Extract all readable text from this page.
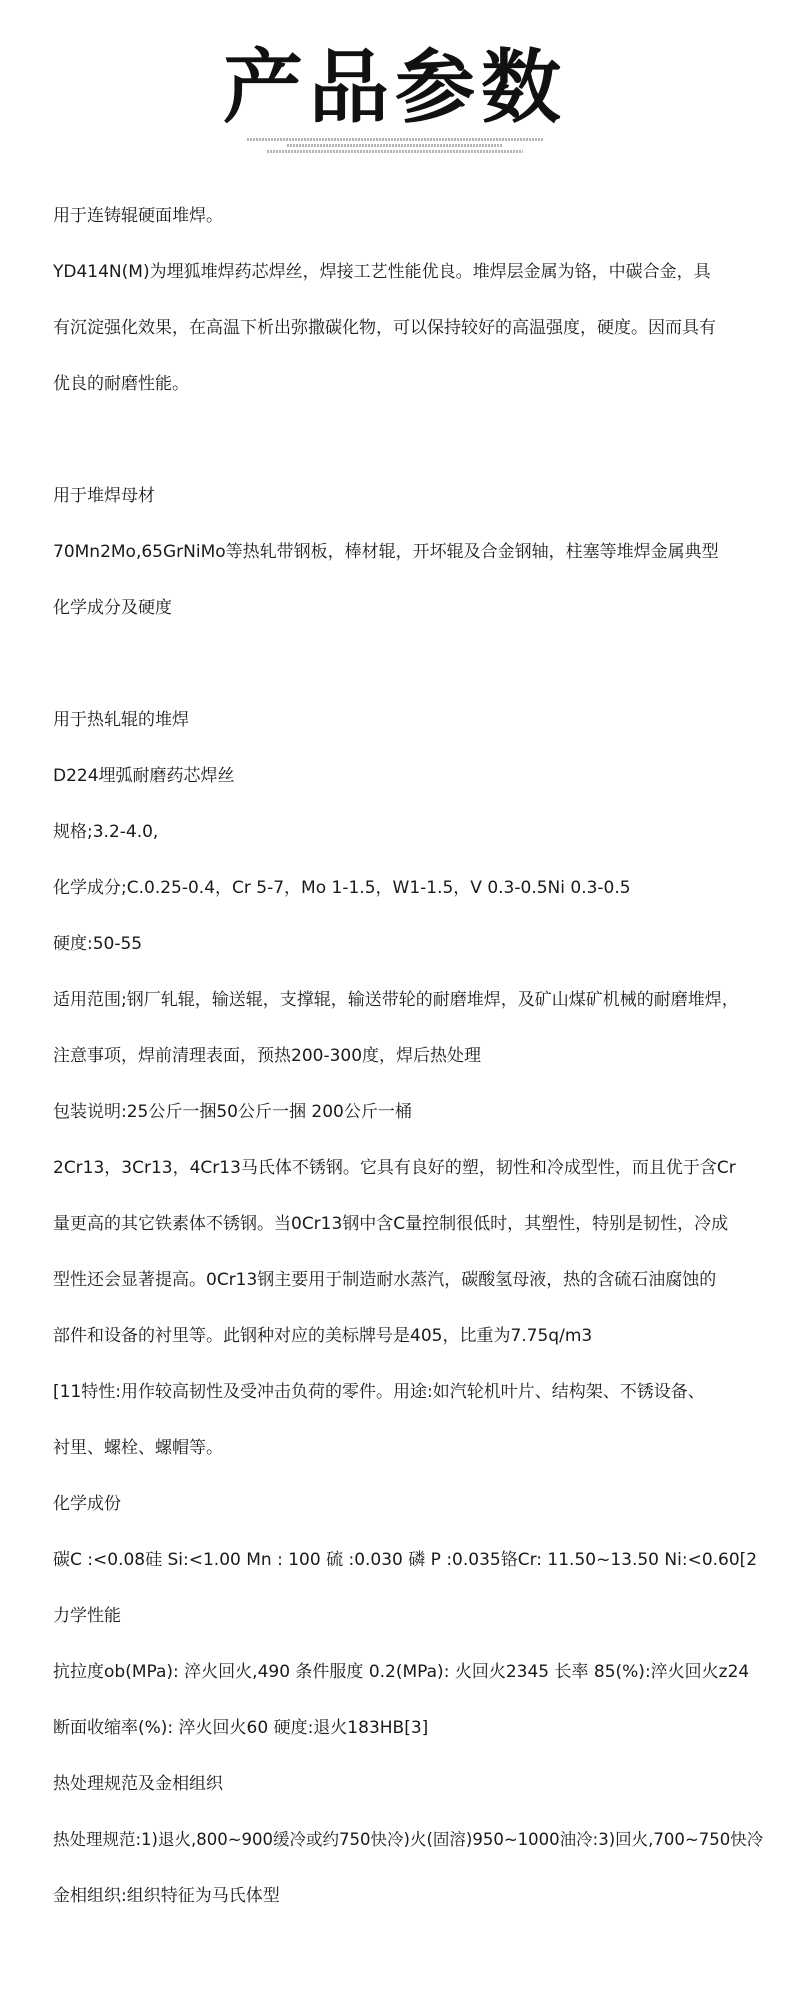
产品参数

用于连铸辊硬面堆焊。

YD414N(M)为埋狐堆焊药芯焊丝，焊接工艺性能优良。堆焊层金属为铬，中碳合金，具

有沉淀强化效果，在高温下析出弥撒碳化物，可以保持较好的高温强度，硬度。因而具有

优良的耐磨性能。

用于堆焊母材

70Mn2Mo,65GrNiMo等热轧带钢板，棒材辊，开坏辊及合金钢轴，柱塞等堆焊金属典型

化学成分及硬度

用于热轧辊的堆焊

D224埋弧耐磨药芯焊丝

规格;3.2-4.0,

化学成分;C.0.25-0.4，Cr 5-7，Mo 1-1.5，W1-1.5，V 0.3-0.5Ni 0.3-0.5

硬度:50-55

适用范围;钢厂轧辊，输送辊，支撑辊，输送带轮的耐磨堆焊，及矿山煤矿机械的耐磨堆焊，

注意事项，焊前清理表面，预热200-300度，焊后热处理

包装说明:25公斤一捆50公斤一捆 200公斤一桶

2Cr13，3Cr13，4Cr13马氏体不锈钢。它具有良好的塑，韧性和冷成型性，而且优于含Cr

量更高的其它铁素体不锈钢。当0Cr13钢中含C量控制很低时，其塑性，特别是韧性，冷成

型性还会显著提高。0Cr13钢主要用于制造耐水蒸汽，碳酸氢母液，热的含硫石油腐蚀的

部件和设备的衬里等。此钢种对应的美标牌号是405，比重为7.75q/m3

[11特性:用作较高韧性及受冲击负荷的零件。用途:如汽轮机叶片、结构架、不锈设备、

衬里、螺栓、螺帽等。

化学成份

碳C :<0.08硅 Si:<1.00 Mn : 100 硫 :0.030 磷 P :0.035铬Cr: 11.50~13.50 Ni:<0.60[2

力学性能

抗拉度ob(MPa): 淬火回火,490 条件服度 0.2(MPa): 火回火2345 长率 85(%):淬火回火z24

断面收缩率(%): 淬火回火60 硬度:退火183HB[3]

热处理规范及金相组织

热处理规范:1)退火,800~900缓冷或约750快冷)火(固溶)950~1000油冷:3)回火,700~750快冷

金相组织:组织特征为马氏体型
